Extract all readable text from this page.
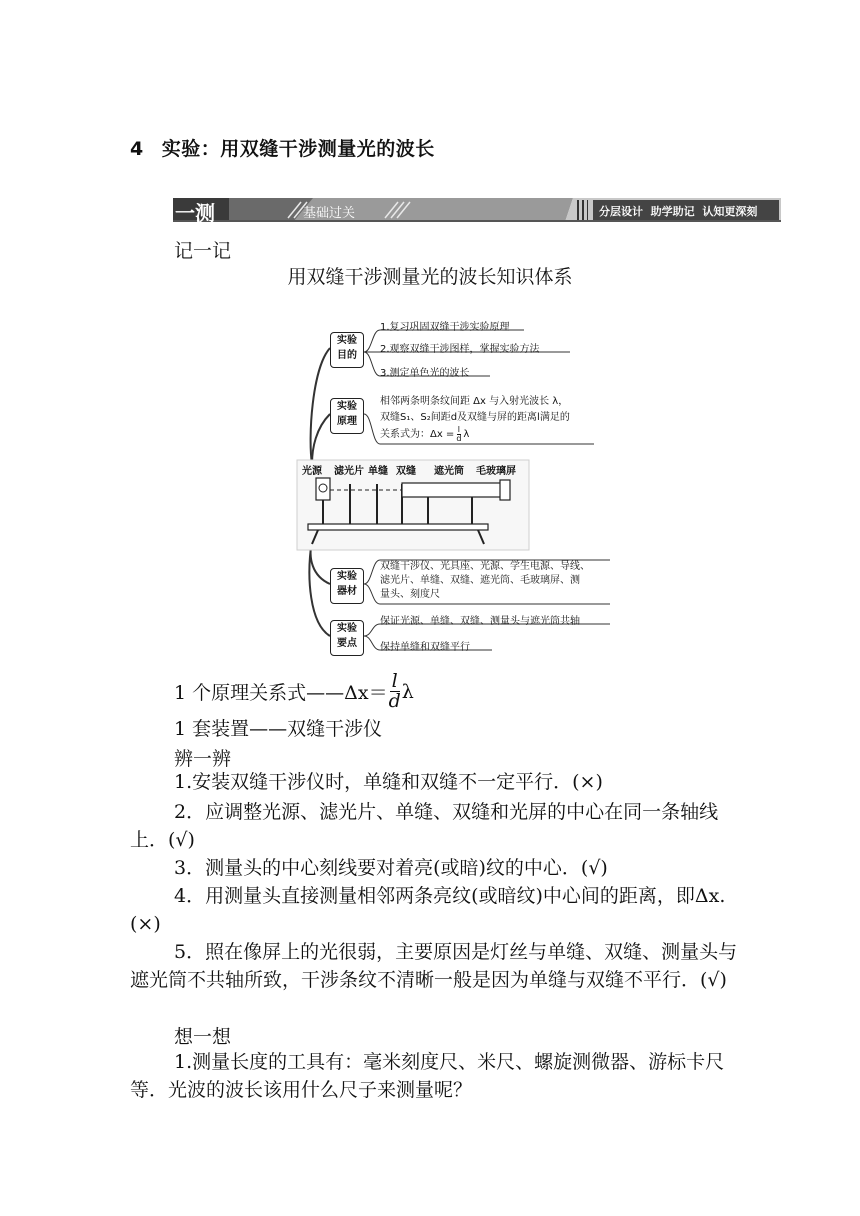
4 实验：用双缝干涉测量光的波长
一测	基础过关	分层设计  助学助记  认知更深刻
记一记
用双缝干涉测量光的波长知识体系
实验
目的
1.复习巩固双缝干涉实验原理
2.观察双缝干涉图样，掌握实验方法
3.测定单色光的波长
实验
原理
相邻两条明条纹间距 Δx 与入射光波长 λ，
双缝S₁、S₂间距d及双缝与屏的距离l满足的
关系式为：$\Delta x = \frac{l}{d}$ λ
光源 滤光片 单缝 双缝 遮光筒 毛玻璃屏
实验
器材
双缝干涉仪、光具座、光源、学生电源、导线、
滤光片、单缝、双缝、遮光筒、毛玻璃屏、测
量头、刻度尺
实验
要点
保证光源、单缝、双缝、测量头与遮光筒共轴
保持单缝和双缝平行
1 个原理关系式——Δx＝ $\frac{l}{d}$ λ
1 套装置——双缝干涉仪
辨一辨
1.安装双缝干涉仪时，单缝和双缝不一定平行．(×)
2．应调整光源、滤光片、单缝、双缝和光屏的中心在同一条轴线上．(√)
3．测量头的中心刻线要对着亮(或暗)纹的中心．(√)
4．用测量头直接测量相邻两条亮纹(或暗纹)中心间的距离，即Δx.(×)
5．照在像屏上的光很弱，主要原因是灯丝与单缝、双缝、测量头与遮光筒不共轴所致，干涉条纹不清晰一般是因为单缝与双缝不平行．(√)
想一想
1.测量长度的工具有：毫米刻度尺、米尺、螺旋测微器、游标卡尺等．光波的波长该用什么尺子来测量呢？
